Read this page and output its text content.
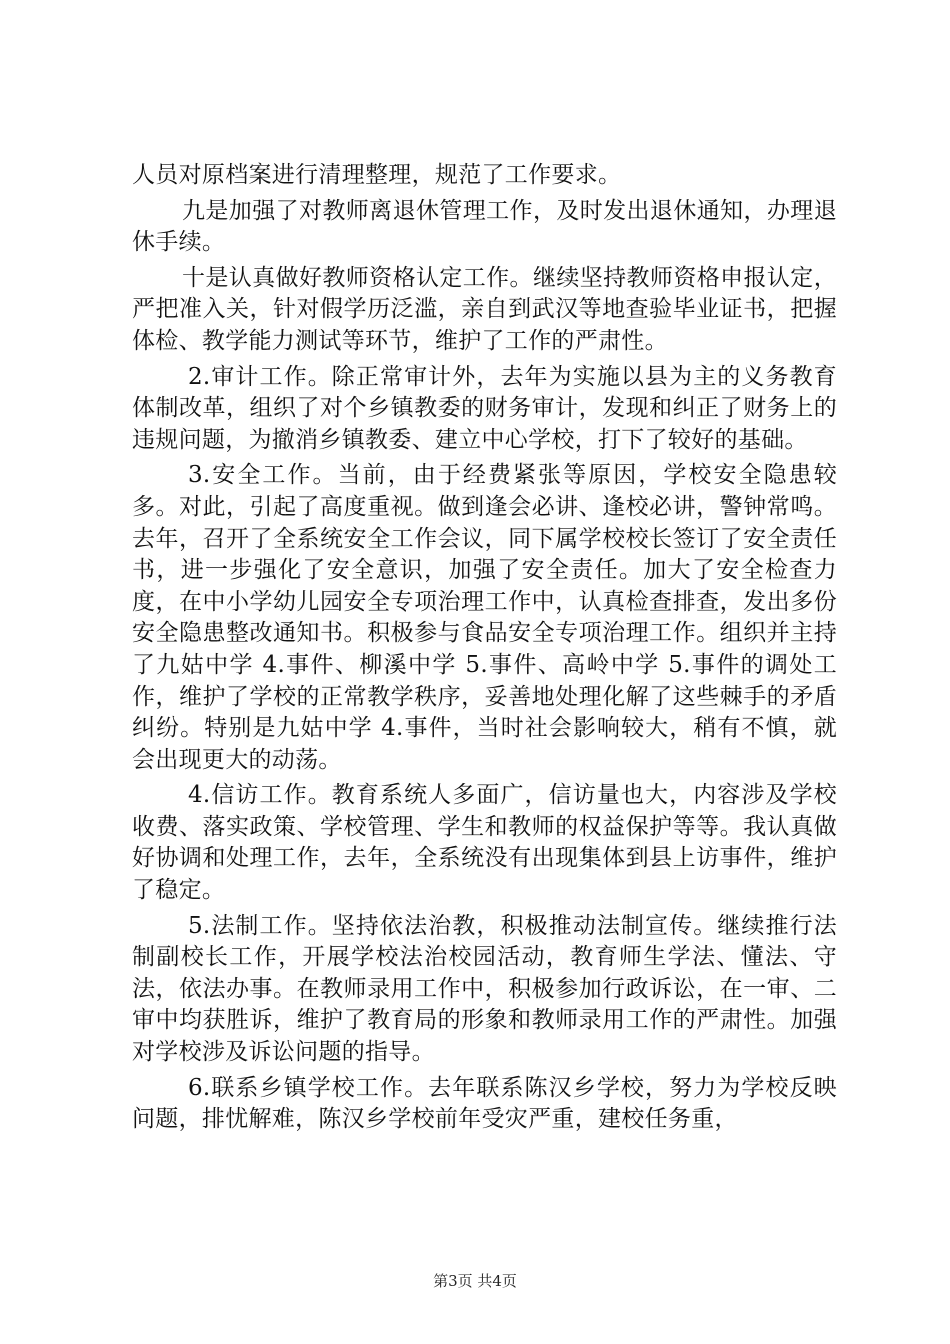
人员对原档案进行清理整理，规范了工作要求。

九是加强了对教师离退休管理工作，及时发出退休通知，办理退休手续。

十是认真做好教师资格认定工作。继续坚持教师资格申报认定，严把准入关，针对假学历泛滥，亲自到武汉等地查验毕业证书，把握体检、教学能力测试等环节，维护了工作的严肃性。

2.审计工作。除正常审计外，去年为实施以县为主的义务教育体制改革，组织了对个乡镇教委的财务审计，发现和纠正了财务上的违规问题，为撤消乡镇教委、建立中心学校，打下了较好的基础。

3.安全工作。当前，由于经费紧张等原因，学校安全隐患较多。对此，引起了高度重视。做到逢会必讲、逢校必讲，警钟常鸣。去年，召开了全系统安全工作会议，同下属学校校长签订了安全责任书，进一步强化了安全意识，加强了安全责任。加大了安全检查力度，在中小学幼儿园安全专项治理工作中，认真检查排查，发出多份安全隐患整改通知书。积极参与食品安全专项治理工作。组织并主持了九姑中学 4.事件、柳溪中学 5.事件、高岭中学 5.事件的调处工作，维护了学校的正常教学秩序，妥善地处理化解了这些棘手的矛盾纠纷。特别是九姑中学 4.事件，当时社会影响较大，稍有不慎，就会出现更大的动荡。

4.信访工作。教育系统人多面广，信访量也大，内容涉及学校收费、落实政策、学校管理、学生和教师的权益保护等等。我认真做好协调和处理工作，去年，全系统没有出现集体到县上访事件，维护了稳定。

5.法制工作。坚持依法治教，积极推动法制宣传。继续推行法制副校长工作，开展学校法治校园活动，教育师生学法、懂法、守法，依法办事。在教师录用工作中，积极参加行政诉讼，在一审、二审中均获胜诉，维护了教育局的形象和教师录用工作的严肃性。加强对学校涉及诉讼问题的指导。

6.联系乡镇学校工作。去年联系陈汉乡学校，努力为学校反映问题，排忧解难，陈汉乡学校前年受灾严重，建校任务重，

第3页 共4页
